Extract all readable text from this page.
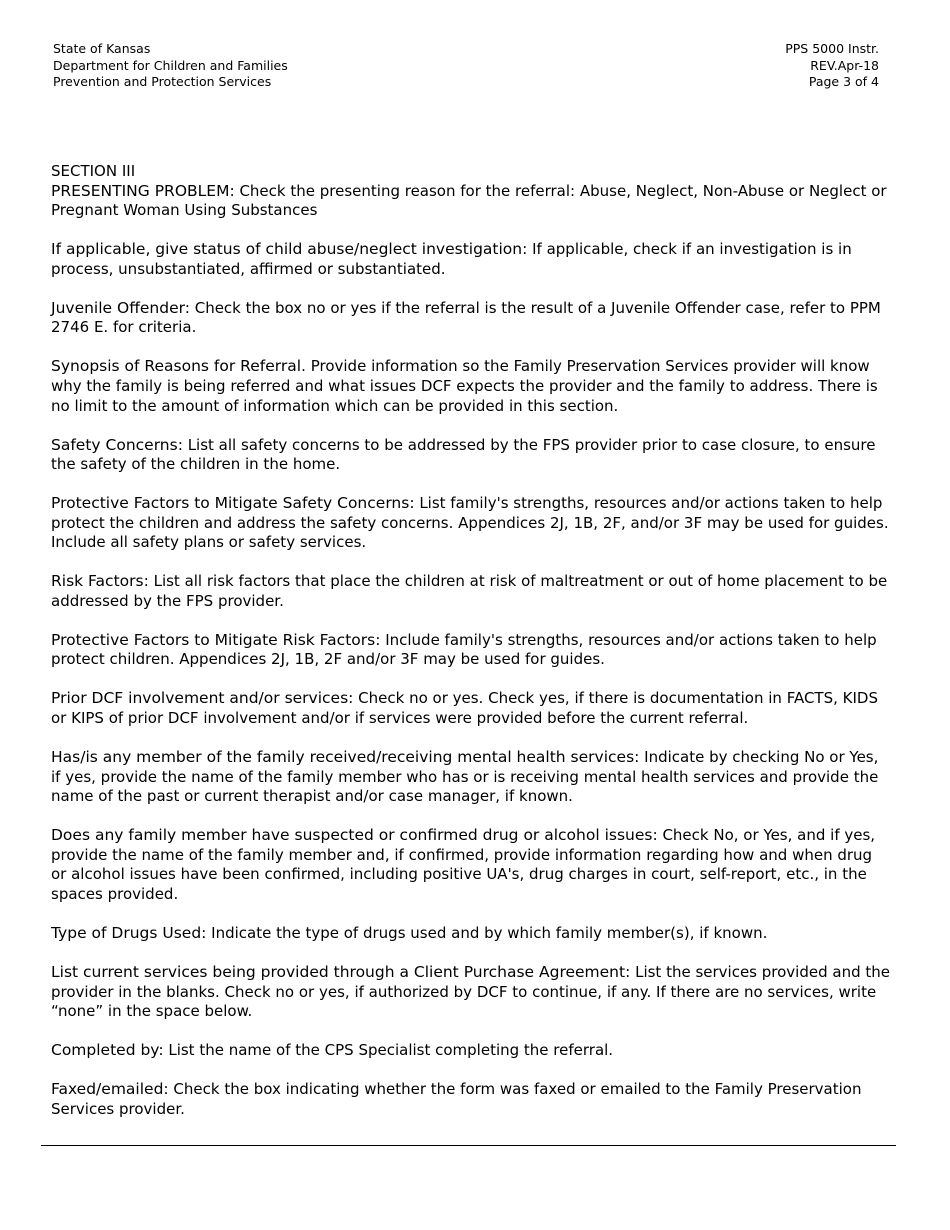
State of Kansas
Department for Children and Families
Prevention and Protection Services
PPS 5000 Instr.
REV.Apr-18
Page 3 of 4
SECTION III

PRESENTING PROBLEM: Check the presenting reason for the referral: Abuse, Neglect, Non-Abuse or Neglect or Pregnant Woman Using Substances

If applicable, give status of child abuse/neglect investigation: If applicable, check if an investigation is in process, unsubstantiated, affirmed or substantiated.

Juvenile Offender: Check the box no or yes if the referral is the result of a Juvenile Offender case, refer to PPM 2746 E. for criteria.

Synopsis of Reasons for Referral. Provide information so the Family Preservation Services provider will know why the family is being referred and what issues DCF expects the provider and the family to address. There is no limit to the amount of information which can be provided in this section.

Safety Concerns: List all safety concerns to be addressed by the FPS provider prior to case closure, to ensure the safety of the children in the home.

Protective Factors to Mitigate Safety Concerns: List family's strengths, resources and/or actions taken to help protect the children and address the safety concerns. Appendices 2J, 1B, 2F, and/or 3F may be used for guides. Include all safety plans or safety services.

Risk Factors: List all risk factors that place the children at risk of maltreatment or out of home placement to be addressed by the FPS provider.

Protective Factors to Mitigate Risk Factors: Include family's strengths, resources and/or actions taken to help protect children. Appendices 2J, 1B, 2F and/or 3F may be used for guides.

Prior DCF involvement and/or services: Check no or yes. Check yes, if there is documentation in FACTS, KIDS or KIPS of prior DCF involvement and/or if services were provided before the current referral.

Has/is any member of the family received/receiving mental health services: Indicate by checking No or Yes, if yes, provide the name of the family member who has or is receiving mental health services and provide the name of the past or current therapist and/or case manager, if known.

Does any family member have suspected or confirmed drug or alcohol issues: Check No, or Yes, and if yes, provide the name of the family member and, if confirmed, provide information regarding how and when drug or alcohol issues have been confirmed, including positive UA's, drug charges in court, self-report, etc., in the spaces provided.

Type of Drugs Used: Indicate the type of drugs used and by which family member(s), if known.

List current services being provided through a Client Purchase Agreement: List the services provided and the provider in the blanks. Check no or yes, if authorized by DCF to continue, if any. If there are no services, write “none” in the space below.

Completed by: List the name of the CPS Specialist completing the referral.

Faxed/emailed: Check the box indicating whether the form was faxed or emailed to the Family Preservation Services provider.
